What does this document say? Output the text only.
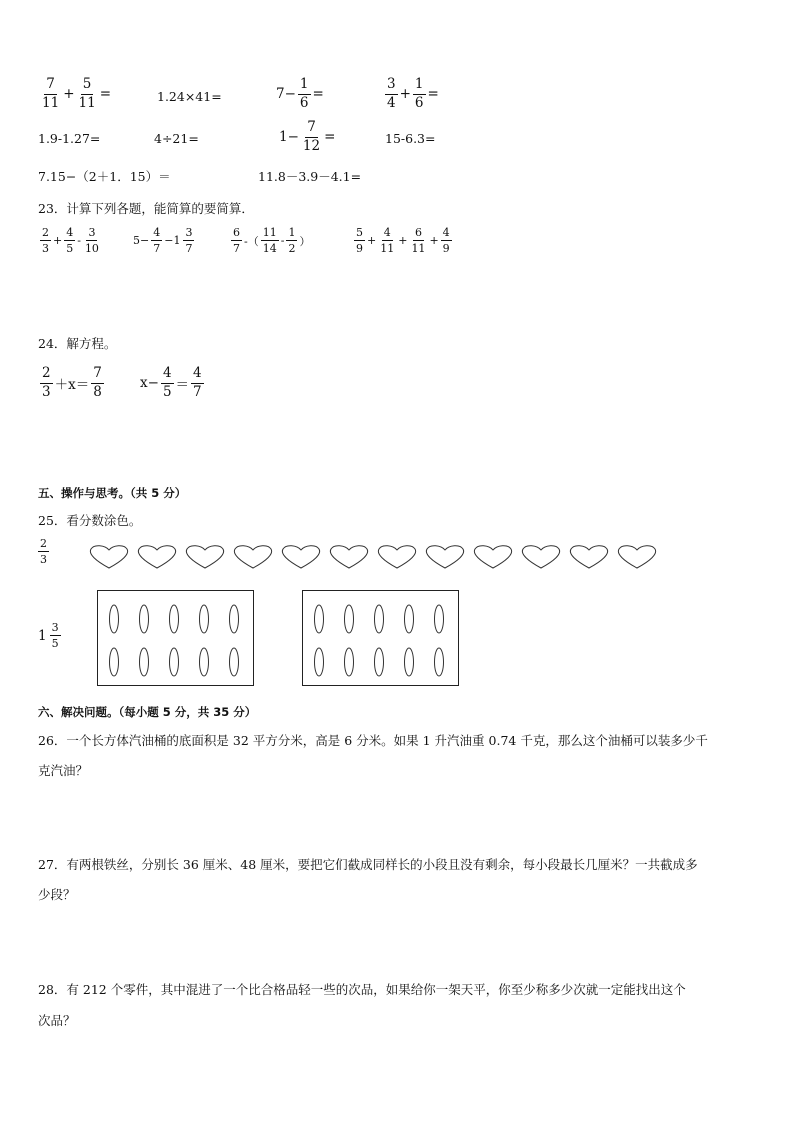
$\frac{7}{11} + \frac{5}{11}$ =	1.24×41=	$7 - \frac{1}{6}$ =	$\frac{3}{4} + \frac{1}{6}$ =
1.9-1.27=	4÷21=	$1 - \frac{7}{12}$ =	15-6.3=
7.15−（2＋1．15）＝	11.8－3.9－4.1=
23．计算下列各题，能简算的要简算．
$\frac{2}{3} + \frac{4}{5} - \frac{3}{10}$	$5 - \frac{4}{7} - 1 \frac{3}{7}$	$\frac{6}{7}$ -（ $\frac{11}{14} - \frac{1}{2}$ ）	$\frac{5}{9} + \frac{4}{11} + \frac{6}{11} + \frac{4}{9}$
24．解方程。
$\frac{2}{3} +x= \frac{7}{8}$	$x- \frac{4}{5} = \frac{4}{7}$
五、操作与思考。（共 5 分）
25．看分数涂色。
$\frac{2}{3}$
$1 \frac{3}{5}$
六、解决问题。（每小题 5 分，共 35 分）
26．一个长方体汽油桶的底面积是 32 平方分米，高是 6 分米。如果 1 升汽油重 0.74 千克，那么这个油桶可以装多少千
克汽油？
27．有两根铁丝，分别长 36 厘米、48 厘米，要把它们截成同样长的小段且没有剩余，每小段最长几厘米？一共截成多
少段？
28．有 212 个零件，其中混进了一个比合格品轻一些的次品，如果给你一架天平，你至少称多少次就一定能找出这个
次品？
